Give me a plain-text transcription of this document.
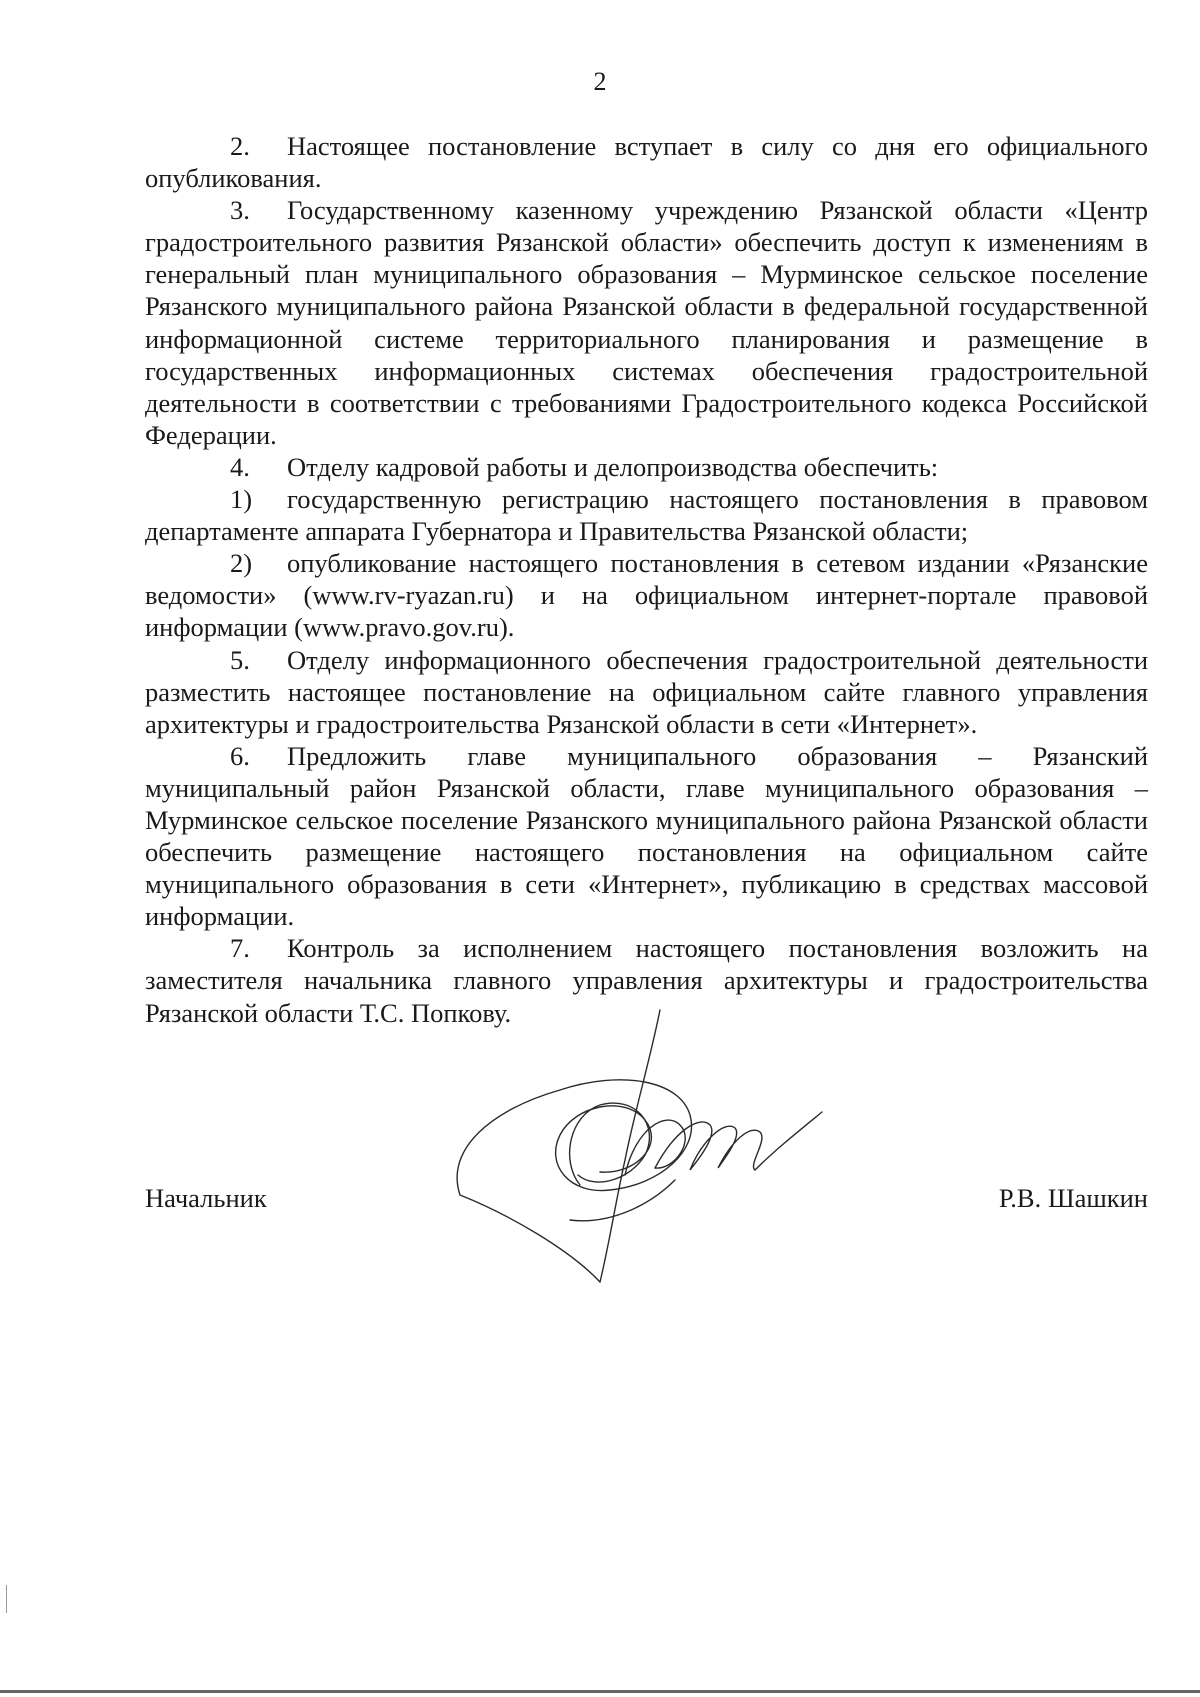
2

2. Настоящее постановление вступает в силу со дня его официального опубликования.

3. Государственному казенному учреждению Рязанской области «Центр градостроительного развития Рязанской области» обеспечить доступ к изменениям в генеральный план муниципального образования – Мурминское сельское поселение Рязанского муниципального района Рязанской области в федеральной государственной информационной системе территориального планирования и размещение в государственных информационных системах обеспечения градостроительной деятельности в соответствии с требованиями Градостроительного кодекса Российской Федерации.

4. Отделу кадровой работы и делопроизводства обеспечить:

1) государственную регистрацию настоящего постановления в правовом департаменте аппарата Губернатора и Правительства Рязанской области;

2) опубликование настоящего постановления в сетевом издании «Рязанские ведомости» (www.rv-ryazan.ru) и на официальном интернет-портале правовой информации (www.pravo.gov.ru).

5. Отделу информационного обеспечения градостроительной деятельности разместить настоящее постановление на официальном сайте главного управления архитектуры и градостроительства Рязанской области в сети «Интернет».

6. Предложить главе муниципального образования – Рязанский муниципальный район Рязанской области, главе муниципального образования – Мурминское сельское поселение Рязанского муниципального района Рязанской области обеспечить размещение настоящего постановления на официальном сайте муниципального образования в сети «Интернет», публикацию в средствах массовой информации.

7. Контроль за исполнением настоящего постановления возложить на заместителя начальника главного управления архитектуры и градостроительства Рязанской области Т.С. Попкову.

Начальник	Р.В. Шашкин
